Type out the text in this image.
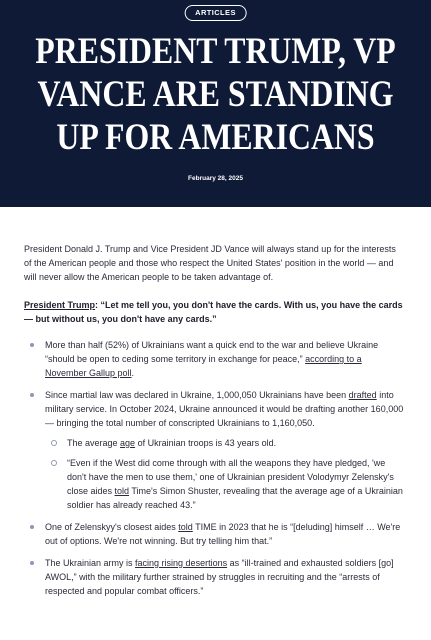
ARTICLES
PRESIDENT TRUMP, VP
VANCE ARE STANDING
UP FOR AMERICANS
February 28, 2025

President Donald J. Trump and Vice President JD Vance will always stand up for the interests of the American people and those who respect the United States' position in the world — and will never allow the American people to be taken advantage of.

President Trump: “Let me tell you, you don't have the cards. With us, you have the cards — but without us, you don't have any cards.”

More than half (52%) of Ukrainians want a quick end to the war and believe Ukraine “should be open to ceding some territory in exchange for peace,” according to a November Gallup poll.
Since martial law was declared in Ukraine, 1,000,050 Ukrainians have been drafted into military service. In October 2024, Ukraine announced it would be drafting another 160,000 — bringing the total number of conscripted Ukrainians to 1,160,050.
The average age of Ukrainian troops is 43 years old.
“Even if the West did come through with all the weapons they have pledged, 'we don't have the men to use them,' one of Ukrainian president Volodymyr Zelensky's close aides told Time's Simon Shuster, revealing that the average age of a Ukrainian soldier has already reached 43.”
One of Zelenskyy's closest aides told TIME in 2023 that he is “[deluding] himself … We're out of options. We're not winning. But try telling him that.”
The Ukrainian army is facing rising desertions as “ill-trained and exhausted soldiers [go] AWOL,” with the military further strained by struggles in recruiting and the “arrests of respected and popular combat officers.”
